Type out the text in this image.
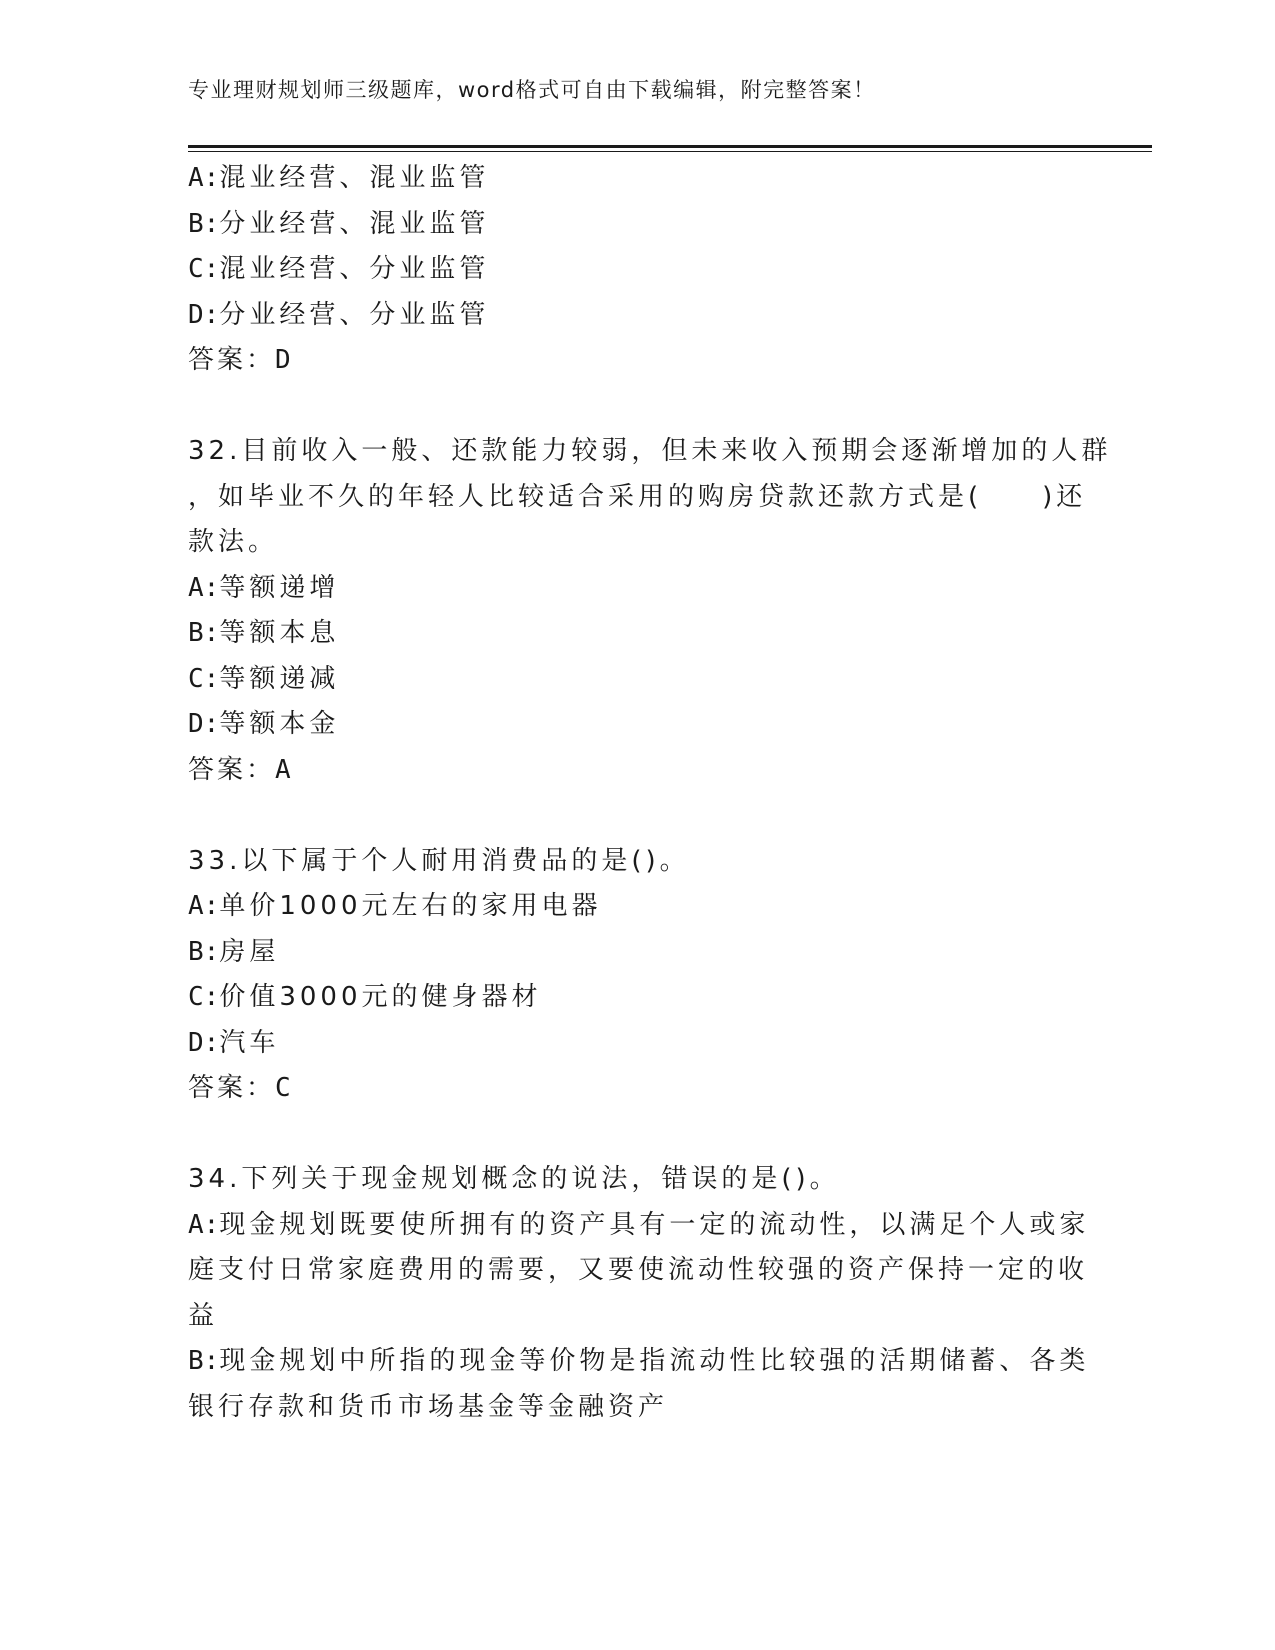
专业理财规划师三级题库，word格式可自由下载编辑，附完整答案！
A:混业经营、混业监管
B:分业经营、混业监管
C:混业经营、分业监管
D:分业经营、分业监管
答案：D
32.目前收入一般、还款能力较弱，但未来收入预期会逐渐增加的人群
，如毕业不久的年轻人比较适合采用的购房贷款还款方式是(　　)还
款法。
A:等额递增
B:等额本息
C:等额递减
D:等额本金
答案：A
33.以下属于个人耐用消费品的是()。
A:单价1000元左右的家用电器
B:房屋
C:价值3000元的健身器材
D:汽车
答案：C
34.下列关于现金规划概念的说法，错误的是()。
A:现金规划既要使所拥有的资产具有一定的流动性，以满足个人或家
庭支付日常家庭费用的需要，又要使流动性较强的资产保持一定的收
益
B:现金规划中所指的现金等价物是指流动性比较强的活期储蓄、各类
银行存款和货币市场基金等金融资产
